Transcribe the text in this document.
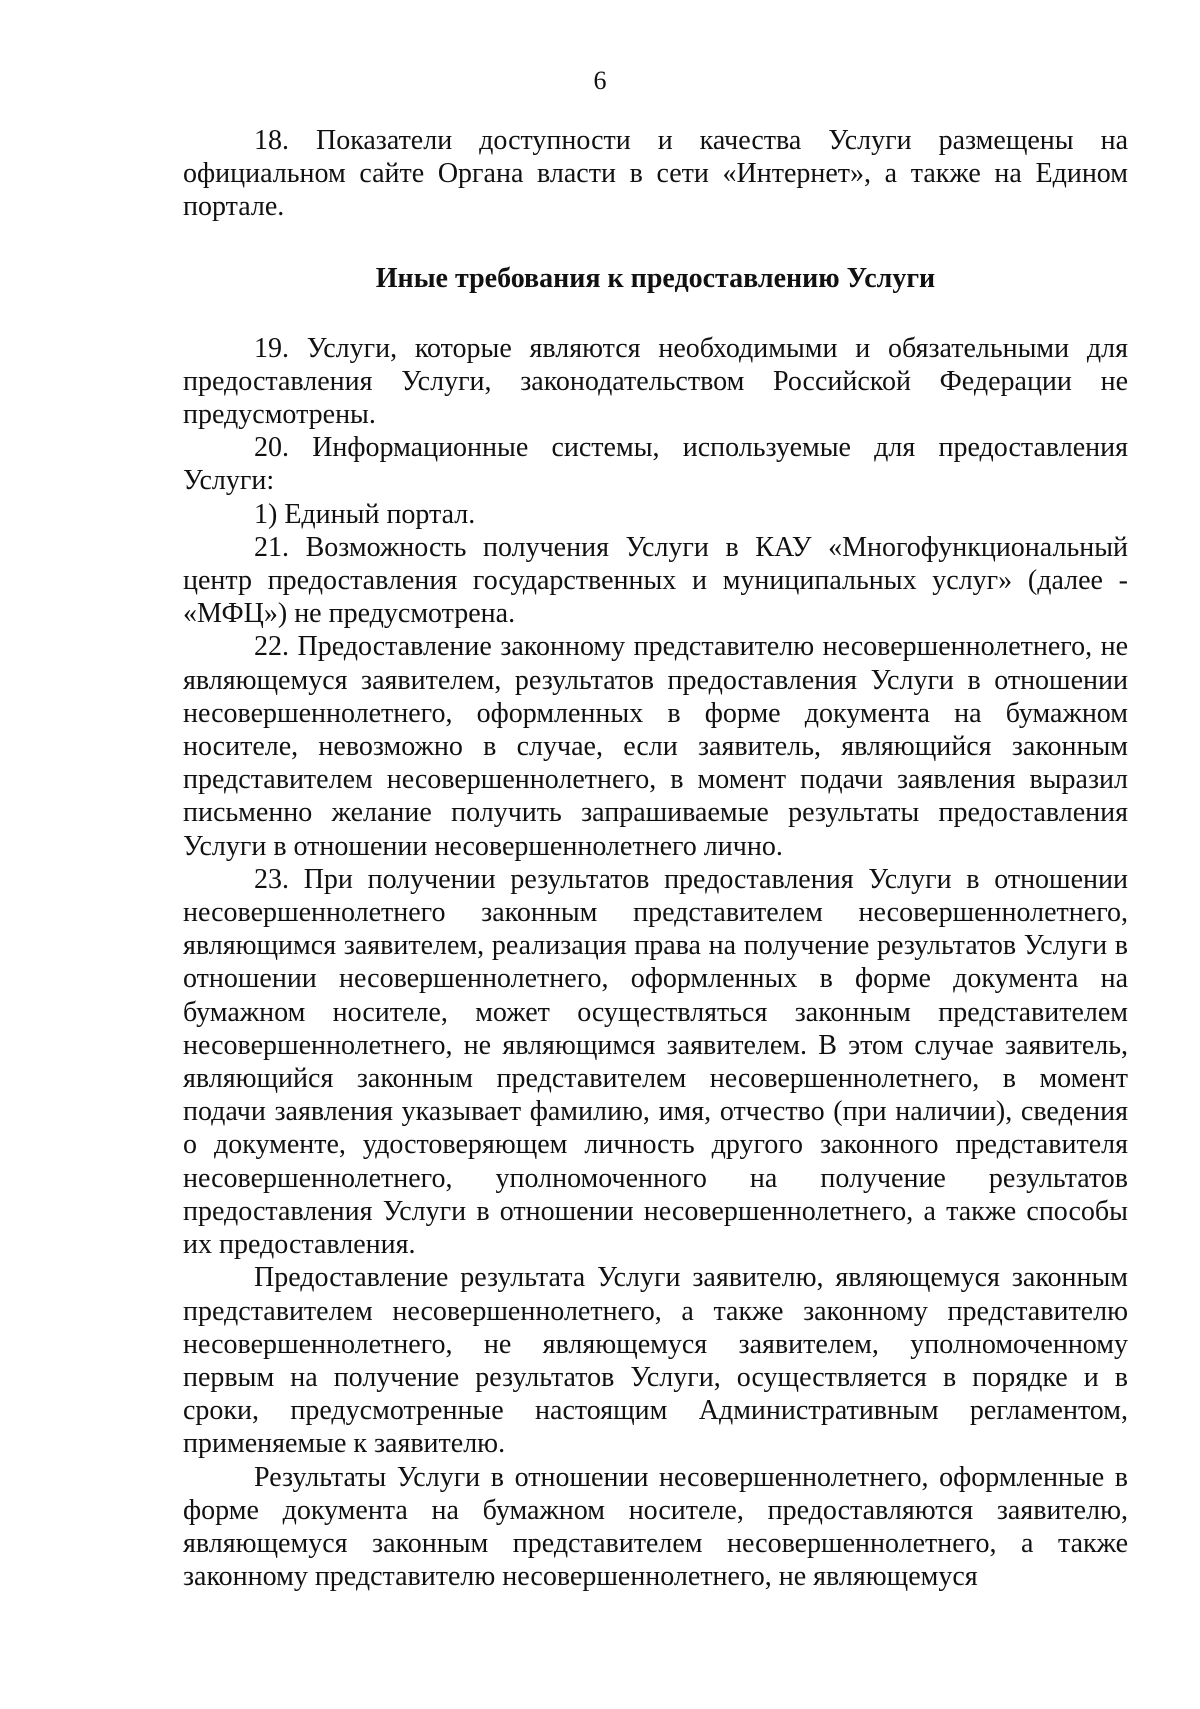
6

18. Показатели доступности и качества Услуги размещены на официальном сайте Органа власти в сети «Интернет», а также на Едином портале.

Иные требования к предоставлению Услуги

19. Услуги, которые являются необходимыми и обязательными для предоставления Услуги, законодательством Российской Федерации не предусмотрены.

20. Информационные системы, используемые для предоставления Услуги:

1) Единый портал.

21. Возможность получения Услуги в КАУ «Многофункциональный центр предоставления государственных и муниципальных услуг» (далее - «МФЦ») не предусмотрена.

22. Предоставление законному представителю несовершеннолетнего, не являющемуся заявителем, результатов предоставления Услуги в отношении несовершеннолетнего, оформленных в форме документа на бумажном носителе, невозможно в случае, если заявитель, являющийся законным представителем несовершеннолетнего, в момент подачи заявления выразил письменно желание получить запрашиваемые результаты предоставления Услуги в отношении несовершеннолетнего лично.

23. При получении результатов предоставления Услуги в отношении несовершеннолетнего законным представителем несовершеннолетнего, являющимся заявителем, реализация права на получение результатов Услуги в отношении несовершеннолетнего, оформленных в форме документа на бумажном носителе, может осуществляться законным представителем несовершеннолетнего, не являющимся заявителем. В этом случае заявитель, являющийся законным представителем несовершеннолетнего, в момент подачи заявления указывает фамилию, имя, отчество (при наличии), сведения о документе, удостоверяющем личность другого законного представителя несовершеннолетнего, уполномоченного на получение результатов предоставления Услуги в отношении несовершеннолетнего, а также способы их предоставления.

Предоставление результата Услуги заявителю, являющемуся законным представителем несовершеннолетнего, а также законному представителю несовершеннолетнего, не являющемуся заявителем, уполномоченному первым на получение результатов Услуги, осуществляется в порядке и в сроки, предусмотренные настоящим Административным регламентом, применяемые к заявителю.

Результаты Услуги в отношении несовершеннолетнего, оформленные в форме документа на бумажном носителе, предоставляются заявителю, являющемуся законным представителем несовершеннолетнего, а также законному представителю несовершеннолетнего, не являющемуся
